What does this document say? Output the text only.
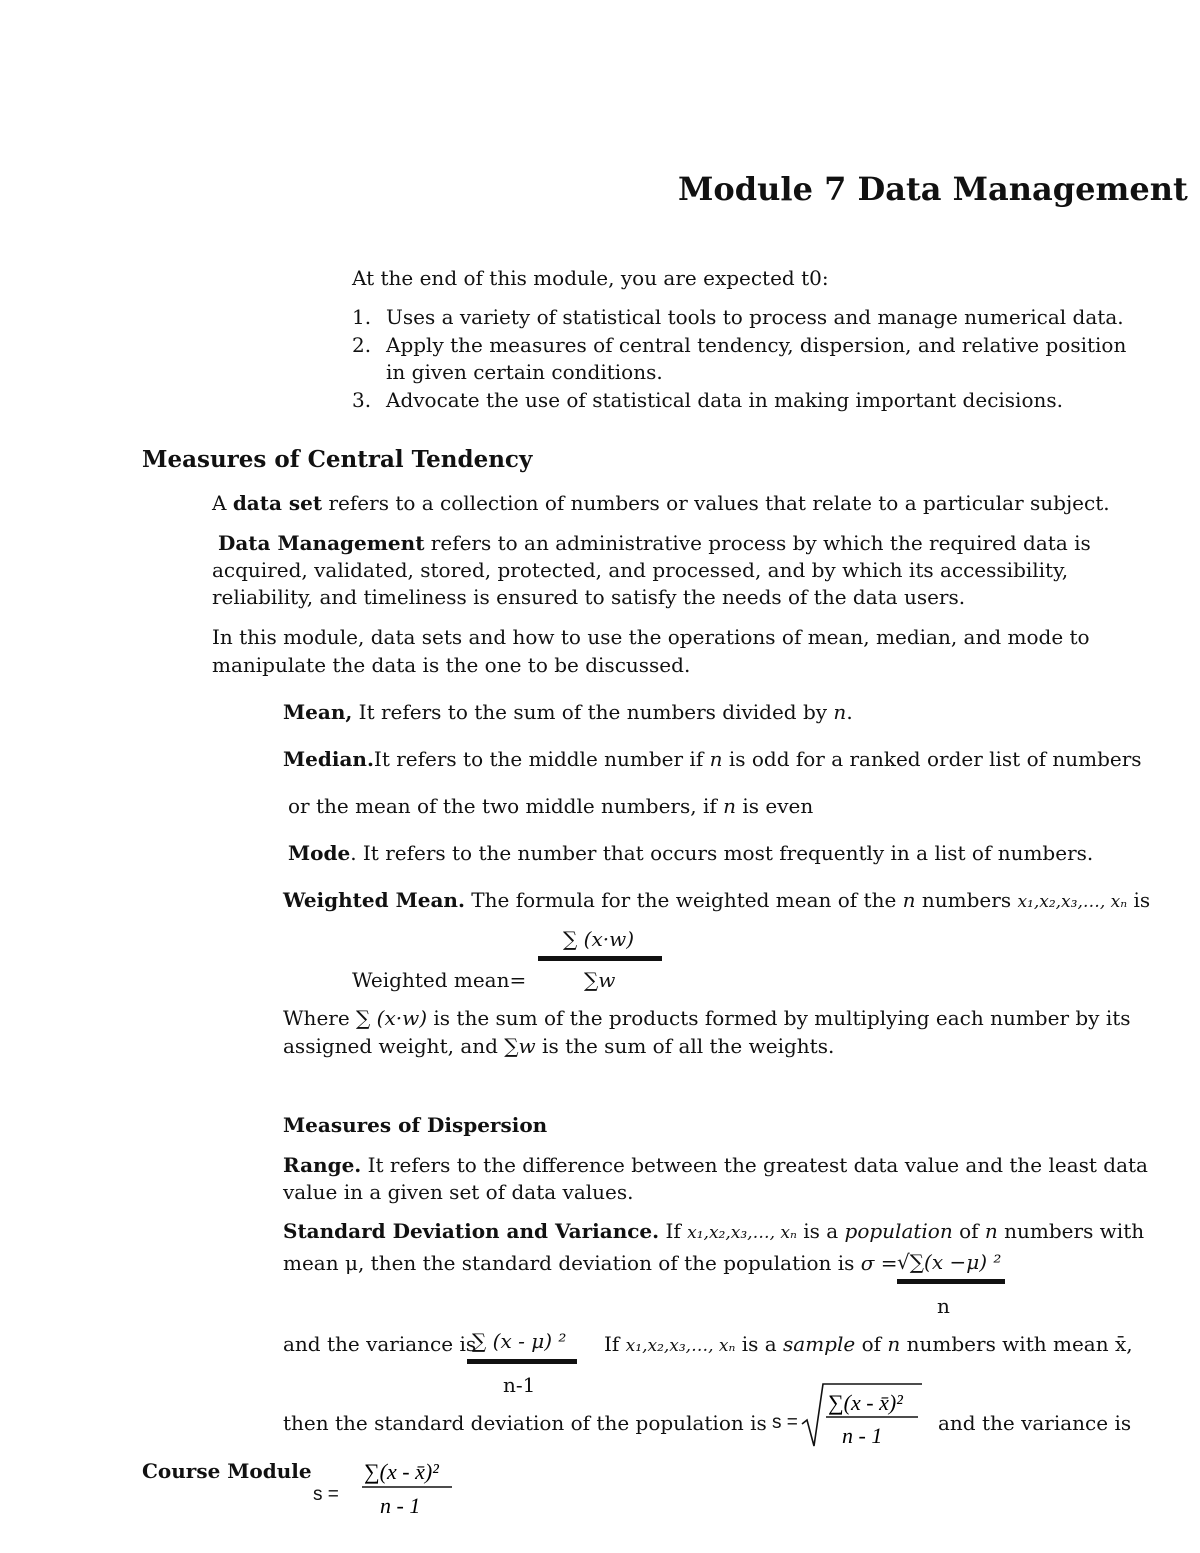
Module 7 Data Management
At the end of this module, you are expected t0:
1. Uses a variety of statistical tools to process and manage numerical data.
2. Apply the measures of central tendency, dispersion, and relative position
in given certain conditions.
3. Advocate the use of statistical data in making important decisions.
Measures of Central Tendency
A data set refers to a collection of numbers or values that relate to a particular subject.
Data Management refers to an administrative process by which the required data is
acquired, validated, stored, protected, and processed, and by which its accessibility,
reliability, and timeliness is ensured to satisfy the needs of the data users.
In this module, data sets and how to use the operations of mean, median, and mode to
manipulate the data is the one to be discussed.
Mean, It refers to the sum of the numbers divided by n.
Median.It refers to the middle number if n is odd for a ranked order list of numbers
or the mean of the two middle numbers, if n is even
Mode. It refers to the number that occurs most frequently in a list of numbers.
Weighted Mean. The formula for the weighted mean of the n numbers x₁,x₂,x₃,…, xₙ is
∑ (x·w)
Weighted mean=	∑w
Where ∑ (x·w) is the sum of the products formed by multiplying each number by its
assigned weight, and ∑w is the sum of all the weights.
Measures of Dispersion
Range. It refers to the difference between the greatest data value and the least data
value in a given set of data values.
Standard Deviation and Variance. If x₁,x₂,x₃,…, xₙ is a population of n numbers with
mean μ, then the standard deviation of the population is σ = √∑(x −μ) ²
n
and the variance is
∑ (x - μ) ²
n-1
If x₁,x₂,x₃,…, xₙ is a sample of n numbers with mean x̄,
then the standard deviation of the population is s =
∑(x - x̄)²
n - 1	and the variance is
Course Module
s =
∑(x - x̄)²
n - 1
